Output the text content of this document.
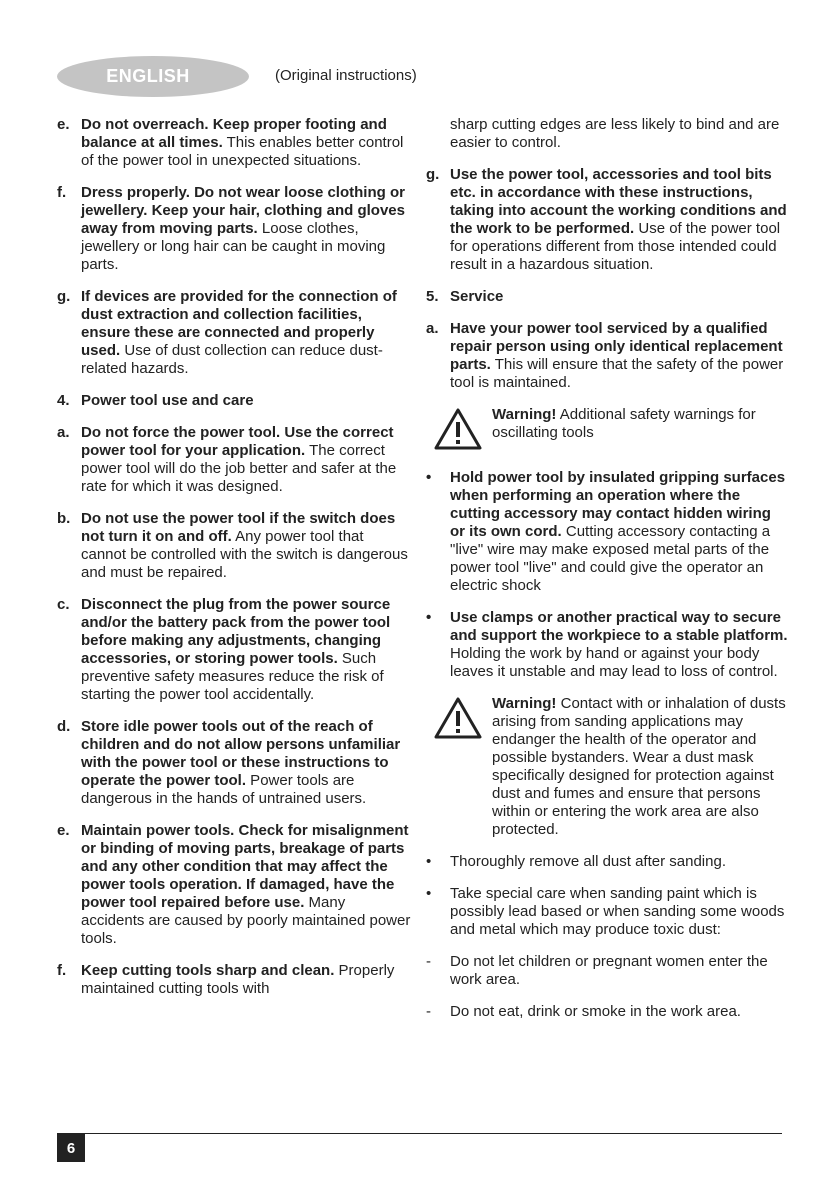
ENGLISH	(Original instructions)
e. Do not overreach. Keep proper footing and balance at all times. This enables better control of the power tool in unexpected situations.
f. Dress properly. Do not wear loose clothing or jewellery. Keep your hair, clothing and gloves away from moving parts. Loose clothes, jewellery or long hair can be caught in moving parts.
g. If devices are provided for the connection of dust extraction and collection facilities, ensure these are connected and properly used. Use of dust collection can reduce dust-related hazards.
4. Power tool use and care
a. Do not force the power tool. Use the correct power tool for your application. The correct power tool will do the job better and safer at the rate for which it was designed.
b. Do not use the power tool if the switch does not turn it on and off. Any power tool that cannot be controlled with the switch is dangerous and must be repaired.
c. Disconnect the plug from the power source and/or the battery pack from the power tool before making any adjustments, changing accessories, or storing power tools. Such preventive safety measures reduce the risk of starting the power tool accidentally.
d. Store idle power tools out of the reach of children and do not allow persons unfamiliar with the power tool or these instructions to operate the power tool. Power tools are dangerous in the hands of untrained users.
e. Maintain power tools. Check for misalignment or binding of moving parts, breakage of parts and any other condition that may affect the power tools operation. If damaged, have the power tool repaired before use. Many accidents are caused by poorly maintained power tools.
f. Keep cutting tools sharp and clean. Properly maintained cutting tools with
sharp cutting edges are less likely to bind and are easier to control.
g. Use the power tool, accessories and tool bits etc. in accordance with these instructions, taking into account the working conditions and the work to be performed. Use of the power tool for operations different from those intended could result in a hazardous situation.
5. Service
a. Have your power tool serviced by a qualified repair person using only identical replacement parts. This will ensure that the safety of the power tool is maintained.
Warning! Additional safety warnings for oscillating tools
•	Hold power tool by insulated gripping surfaces when performing an operation where the cutting accessory may contact hidden wiring or its own cord. Cutting accessory contacting a "live" wire may make exposed metal parts of the power tool "live" and could give the operator an electric shock
•	Use clamps or another practical way to secure and support the workpiece to a stable platform. Holding the work by hand or against your body leaves it unstable and may lead to loss of control.
Warning! Contact with or inhalation of dusts arising from sanding applications may endanger the health of the operator and possible bystanders. Wear a dust mask specifically designed for protection against dust and fumes and ensure that persons within or entering the work area are also protected.
•	Thoroughly remove all dust after sanding.
•	Take special care when sanding paint which is possibly lead based or when sanding some woods and metal which may produce toxic dust:
-	Do not let children or pregnant women enter the work area.
-	Do not eat, drink or smoke in the work area.
6
